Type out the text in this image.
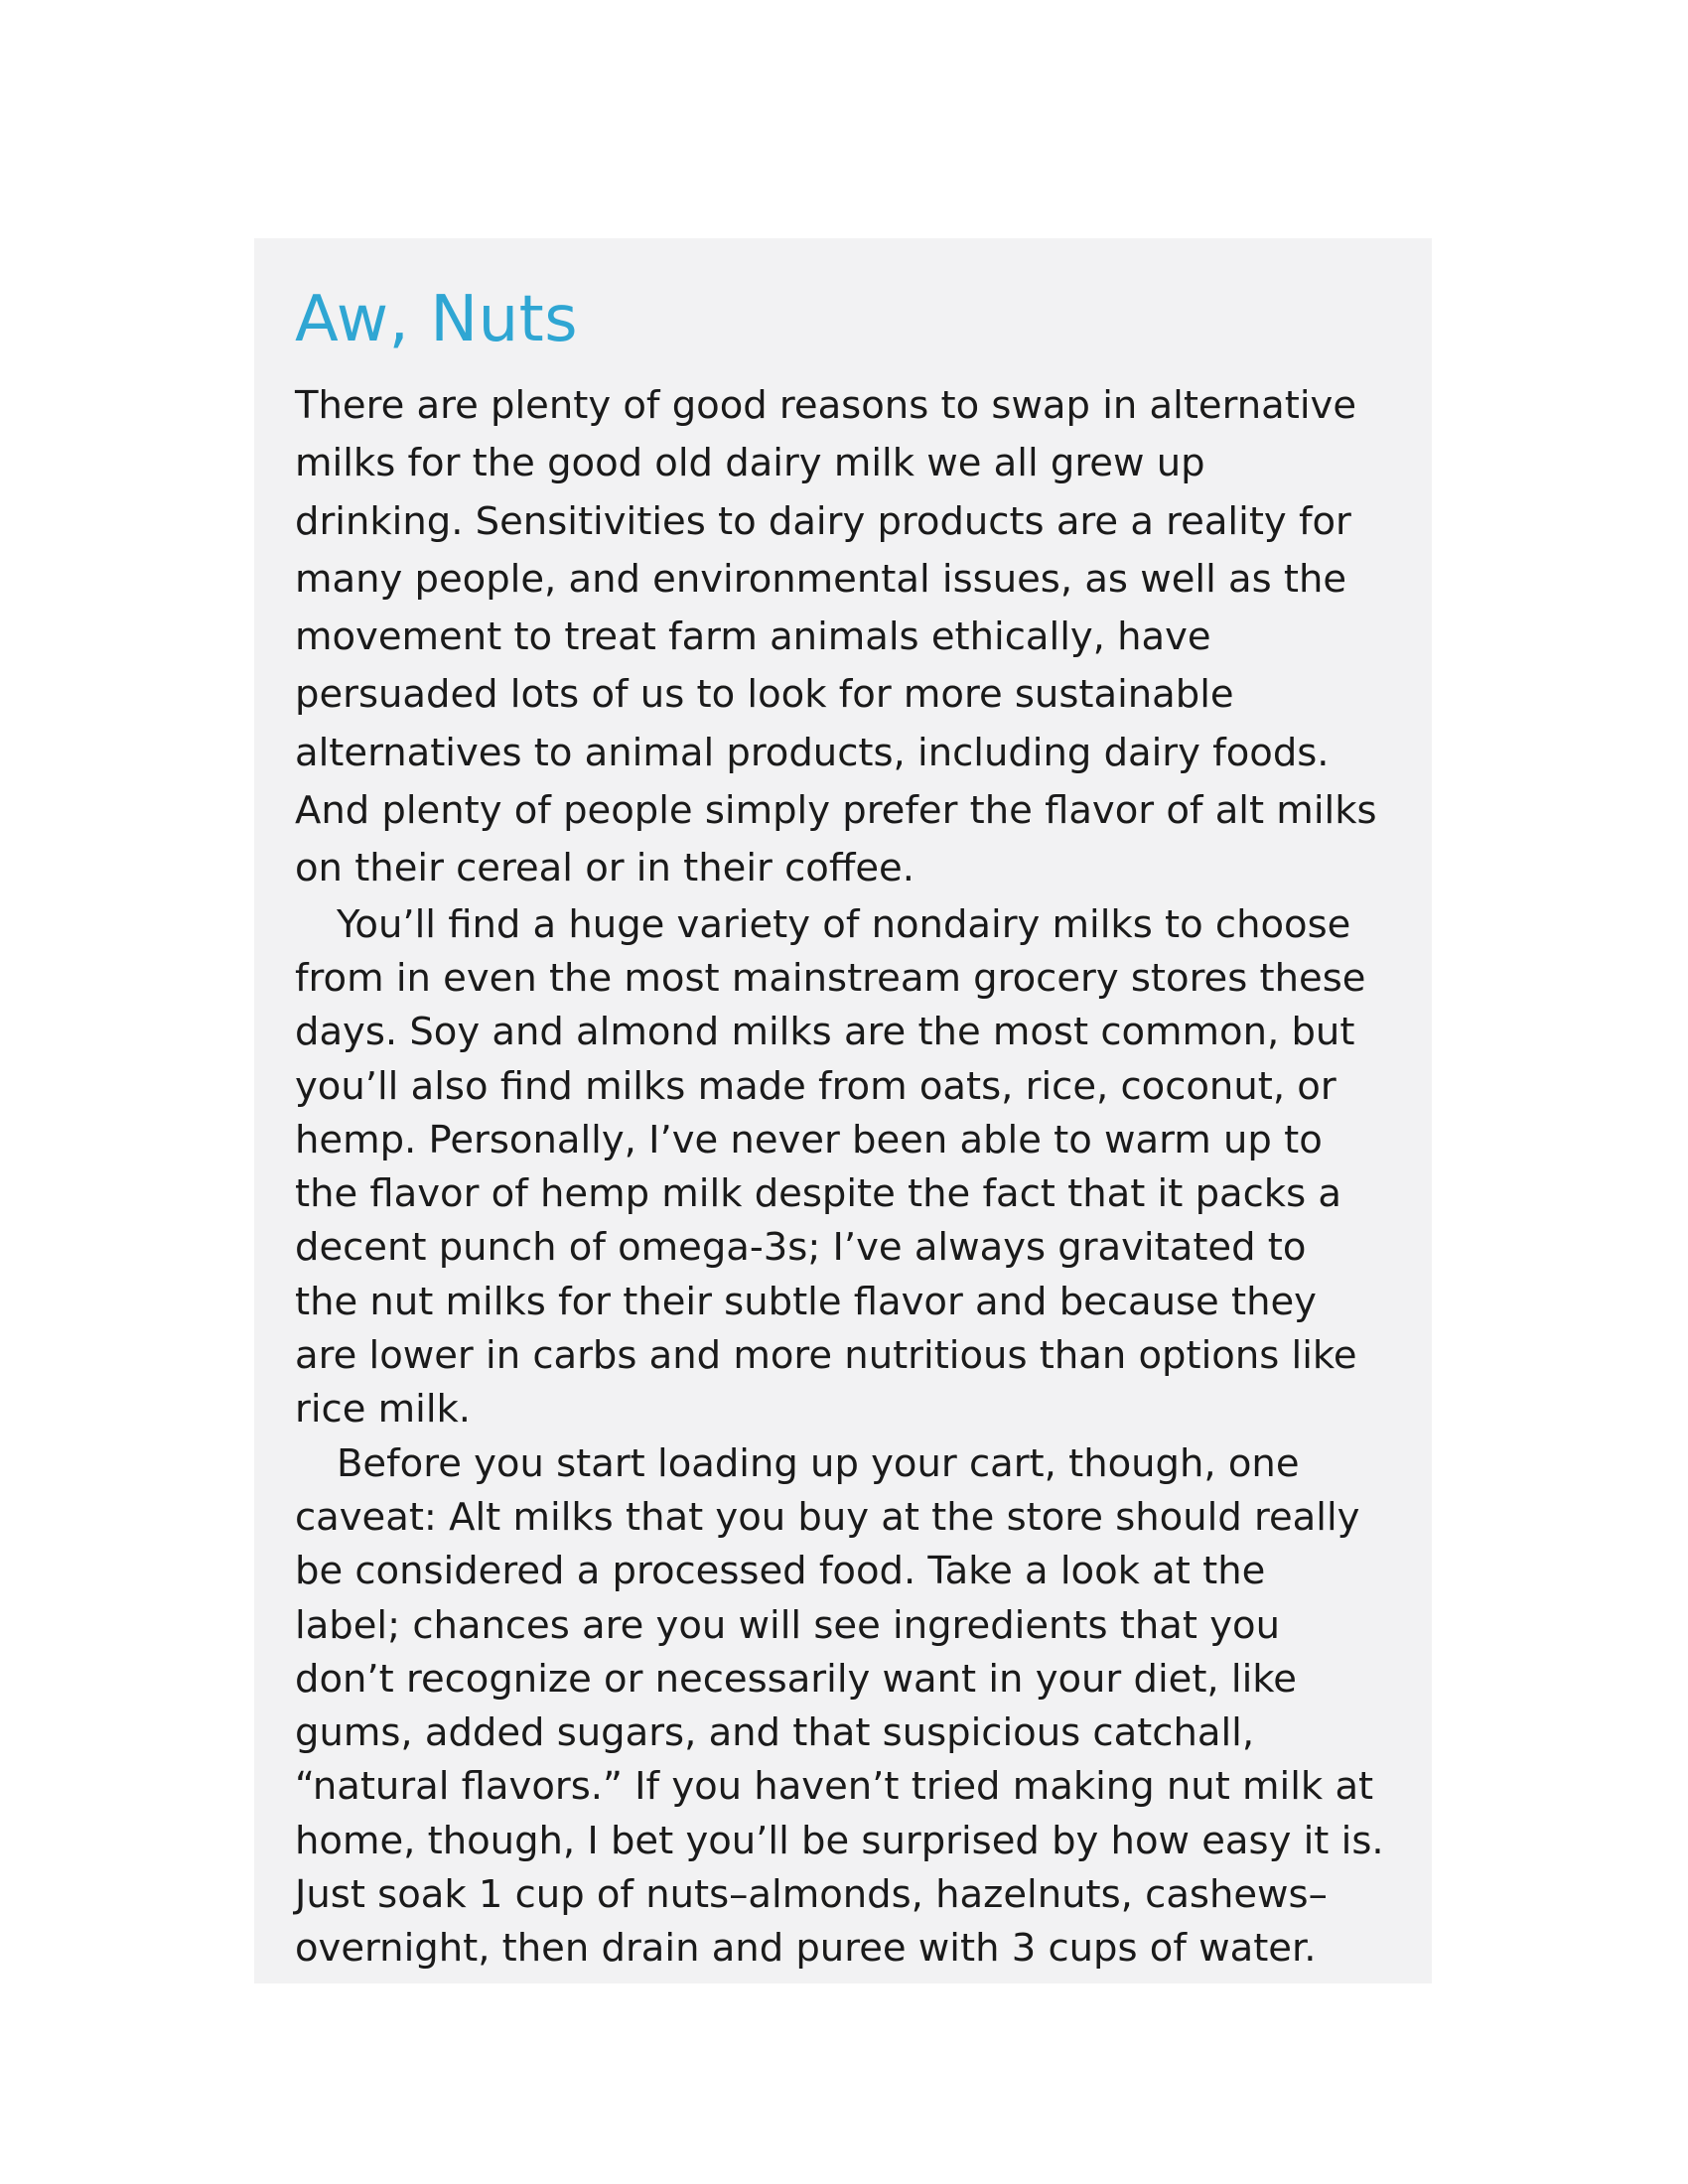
Aw, Nuts

There are plenty of good reasons to swap in alternative
milks for the good old dairy milk we all grew up
drinking. Sensitivities to dairy products are a reality for
many people, and environmental issues, as well as the
movement to treat farm animals ethically, have
persuaded lots of us to look for more sustainable
alternatives to animal products, including dairy foods.
And plenty of people simply prefer the flavor of alt milks
on their cereal or in their coffee.

You’ll find a huge variety of nondairy milks to choose
from in even the most mainstream grocery stores these
days. Soy and almond milks are the most common, but
you’ll also find milks made from oats, rice, coconut, or
hemp. Personally, I’ve never been able to warm up to
the flavor of hemp milk despite the fact that it packs a
decent punch of omega-3s; I’ve always gravitated to
the nut milks for their subtle flavor and because they
are lower in carbs and more nutritious than options like
rice milk.

Before you start loading up your cart, though, one
caveat: Alt milks that you buy at the store should really
be considered a processed food. Take a look at the
label; chances are you will see ingredients that you
don’t recognize or necessarily want in your diet, like
gums, added sugars, and that suspicious catchall,
“natural flavors.” If you haven’t tried making nut milk at
home, though, I bet you’ll be surprised by how easy it is.
Just soak 1 cup of nuts–almonds, hazelnuts, cashews–
overnight, then drain and puree with 3 cups of water.
